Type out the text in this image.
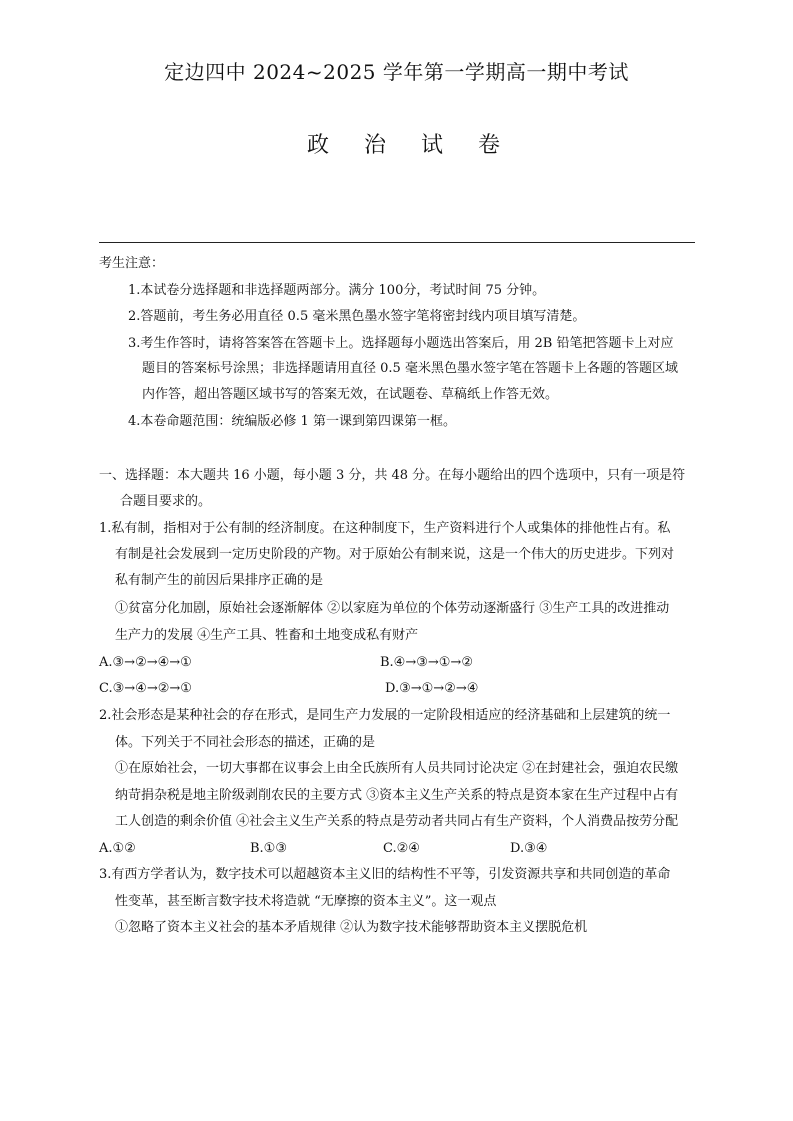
定边四中 2024~2025 学年第一学期高一期中考试
政 治 试 卷
考生注意：
1.本试卷分选择题和非选择题两部分。满分 100分，考试时间 75 分钟。
2.答题前，考生务必用直径 0.5 毫米黑色墨水签字笔将密封线内项目填写清楚。
3.考生作答时，请将答案答在答题卡上。选择题每小题选出答案后，用 2B 铅笔把答题卡上对应
题目的答案标号涂黑；非选择题请用直径 0.5 毫米黑色墨水签字笔在答题卡上各题的答题区域
内作答，超出答题区域书写的答案无效，在试题卷、草稿纸上作答无效。
4.本卷命题范围：统编版必修 1 第一课到第四课第一框。
一、选择题：本大题共 16 小题，每小题 3 分，共 48 分。在每小题给出的四个选项中，只有一项是符
合题目要求的。
1.私有制，指相对于公有制的经济制度。在这种制度下，生产资料进行个人或集体的排他性占有。私
有制是社会发展到一定历史阶段的产物。对于原始公有制来说，这是一个伟大的历史进步。下列对
私有制产生的前因后果排序正确的是
①贫富分化加剧，原始社会逐渐解体 ②以家庭为单位的个体劳动逐渐盛行 ③生产工具的改进推动
生产力的发展 ④生产工具、牲畜和土地变成私有财产
A.③→②→④→①	B.④→③→①→②
C.③→④→②→①	D.③→①→②→④
2.社会形态是某种社会的存在形式，是同生产力发展的一定阶段相适应的经济基础和上层建筑的统一
体。下列关于不同社会形态的描述，正确的是
①在原始社会，一切大事都在议事会上由全氏族所有人员共同讨论决定 ②在封建社会，强迫农民缴
纳苛捐杂税是地主阶级剥削农民的主要方式 ③资本主义生产关系的特点是资本家在生产过程中占有
工人创造的剩余价值 ④社会主义生产关系的特点是劳动者共同占有生产资料，个人消费品按劳分配
A.①②	B.①③	C.②④	D.③④
3.有西方学者认为，数字技术可以超越资本主义旧的结构性不平等，引发资源共享和共同创造的革命
性变革，甚至断言数字技术将造就 “无摩擦的资本主义”。这一观点
①忽略了资本主义社会的基本矛盾规律 ②认为数字技术能够帮助资本主义摆脱危机
